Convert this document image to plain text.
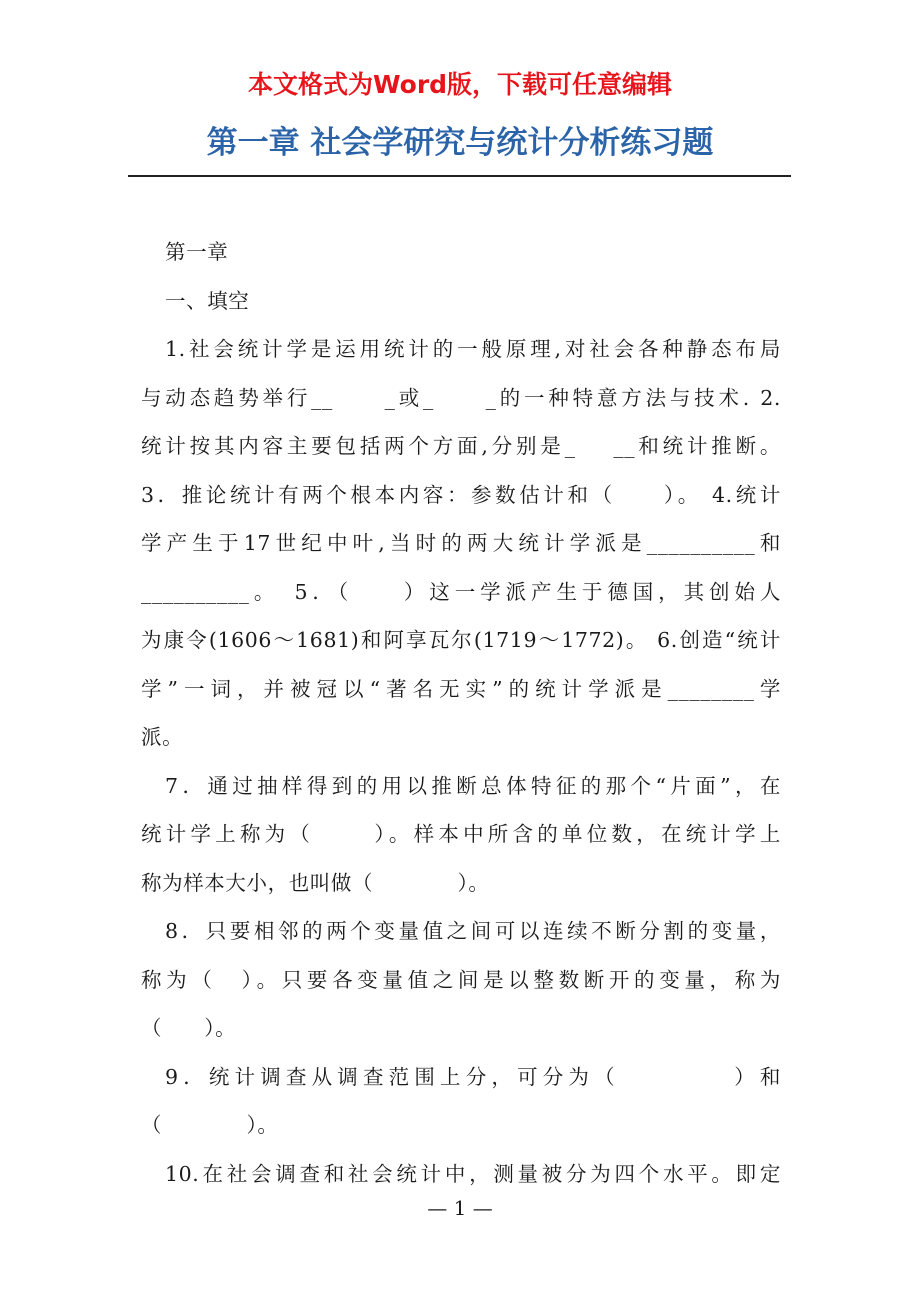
本文格式为Word版，下载可任意编辑
第一章 社会学研究与统计分析练习题
第一章
一、填空
1.社会统计学是运用统计的一般原理,对社会各种静态布局
与动态趋势举行__　　_或_　　_的一种特意方法与技术. 2.
统计按其内容主要包括两个方面,分别是_　 __和统计推断。
3．推论统计有两个根本内容：参数估计和（　　）。 4.统计
学产生于17世纪中叶,当时的两大统计学派是__________和
__________。　5．（　　）这一学派产生于德国，其创始人
为康令(1606～1681)和阿享瓦尔(1719～1772)。 6.创造“统计
学”一词，并被冠以“著名无实”的统计学派是________学
派。
7．通过抽样得到的用以推断总体特征的那个“片面”，在
统计学上称为（　　 ）。样本中所含的单位数，在统计学上
称为样本大小，也叫做（　　　　）。
8．只要相邻的两个变量值之间可以连续不断分割的变量，
称为（　）。只要各变量值之间是以整数断开的变量，称为
（　　）。
9．统计调查从调查范围上分，可分为（　　　　 ）和
（　　　　）。
10.在社会调查和社会统计中，测量被分为四个水平。即定
— 1 —
